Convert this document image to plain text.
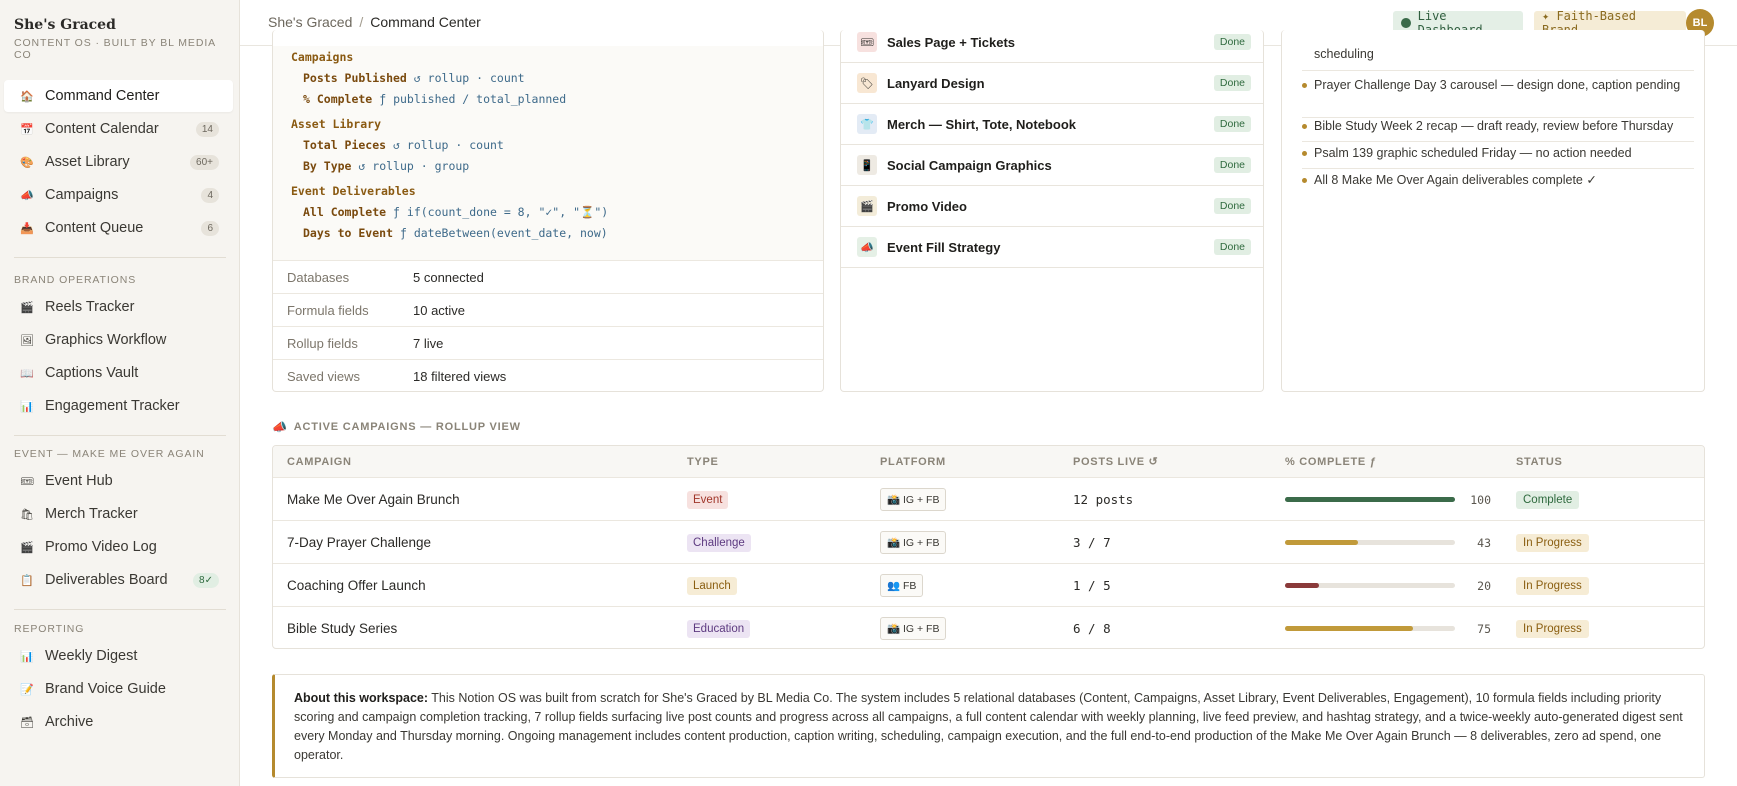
She's Graced
CONTENT OS · BUILT BY BL MEDIA CO
🏠 Command Center
📅 Content Calendar	14
🎨 Asset Library	60+
📣 Campaigns	4
📥 Content Queue	6
BRAND OPERATIONS
🎬 Reels Tracker
🖼 Graphics Workflow
📖 Captions Vault
📊 Engagement Tracker
EVENT — MAKE ME OVER AGAIN
🎟 Event Hub
🛍 Merch Tracker
🎬 Promo Video Log
📋 Deliverables Board	8✓
REPORTING
📊 Weekly Digest
📝 Brand Voice Guide
🗃 Archive
She's Graced / Command Center	Live	✦ Faith-Based
BL
Campaigns
Posts Published ↺ rollup · count
% Complete ƒ published / total_planned
Asset Library
Total Pieces ↺ rollup · count
By Type ↺ rollup · group
Event Deliverables
All Complete ƒ if(count_done = 8, "✓", "⏳")
Days to Event ƒ dateBetween(event_date, now)
Databases	5 connected
Formula fields	10 active
Rollup fields	7 live
Saved views	18 filtered views
🎟 Sales Page + Tickets	Done
🏷 Lanyard Design	Done
👕 Merch — Shirt, Tote, Notebook	Done
📱 Social Campaign Graphics	Done
🎬 Promo Video	Done
📣 Event Fill Strategy	Done
scheduling
Prayer Challenge Day 3 carousel — design done, caption pending
Bible Study Week 2 recap — draft ready, review before Thursday
Psalm 139 graphic scheduled Friday — no action needed
All 8 Make Me Over Again deliverables complete ✓
📣 ACTIVE CAMPAIGNS — ROLLUP VIEW
CAMPAIGN	TYPE	PLATFORM	POSTS LIVE ↺	% COMPLETE ƒ	STATUS
Make Me Over Again Brunch	Event	📸 IG + FB	12 posts	100	Complete
7-Day Prayer Challenge	Challenge	📸 IG + FB	3 / 7	43	In Progress
Coaching Offer Launch	Launch	👥 FB	1 / 5	20	In Progress
Bible Study Series	Education	📸 IG + FB	6 / 8	75	In Progress
About this workspace: This Notion OS was built from scratch for She's Graced by BL Media Co. The system includes 5 relational databases (Content, Campaigns, Asset Library, Event Deliverables, Engagement), 10 formula fields including priority scoring and campaign completion tracking, 7 rollup fields surfacing live post counts and progress across all campaigns, a full content calendar with weekly planning, live feed preview, and hashtag strategy, and a twice-weekly auto-generated digest sent every Monday and Thursday morning. Ongoing management includes content production, caption writing, scheduling, campaign execution, and the full end-to-end production of the Make Me Over Again Brunch — 8 deliverables, zero ad spend, one operator.
